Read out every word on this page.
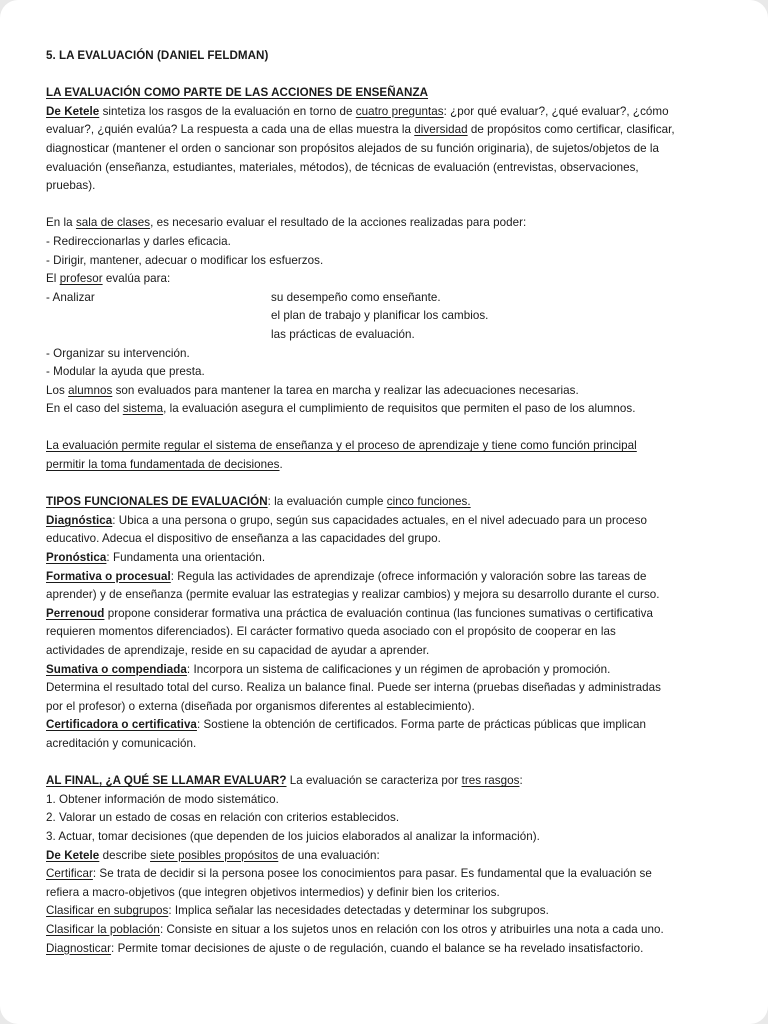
5. LA EVALUACIÓN (DANIEL FELDMAN)
LA EVALUACIÓN COMO PARTE DE LAS ACCIONES DE ENSEÑANZA
De Ketele sintetiza los rasgos de la evaluación en torno de cuatro preguntas: ¿por qué evaluar?, ¿qué evaluar?, ¿cómo
evaluar?, ¿quién evalúa? La respuesta a cada una de ellas muestra la diversidad de propósitos como certificar, clasificar,
diagnosticar (mantener el orden o sancionar son propósitos alejados de su función originaria), de sujetos/objetos de la
evaluación (enseñanza, estudiantes, materiales, métodos), de técnicas de evaluación (entrevistas, observaciones,
pruebas).
En la sala de clases, es necesario evaluar el resultado de la acciones realizadas para poder:
- Redireccionarlas y darles eficacia.
- Dirigir, mantener, adecuar o modificar los esfuerzos.
El profesor evalúa para:
- Analizar	su desempeño como enseñante.
el plan de trabajo y planificar los cambios.
las prácticas de evaluación.
- Organizar su intervención.
- Modular la ayuda que presta.
Los alumnos son evaluados para mantener la tarea en marcha y realizar las adecuaciones necesarias.
En el caso del sistema, la evaluación asegura el cumplimiento de requisitos que permiten el paso de los alumnos.
La evaluación permite regular el sistema de enseñanza y el proceso de aprendizaje y tiene como función principal
permitir la toma fundamentada de decisiones.
TIPOS FUNCIONALES DE EVALUACIÓN: la evaluación cumple cinco funciones.
Diagnóstica: Ubica a una persona o grupo, según sus capacidades actuales, en el nivel adecuado para un proceso
educativo. Adecua el dispositivo de enseñanza a las capacidades del grupo.
Pronóstica: Fundamenta una orientación.
Formativa o procesual: Regula las actividades de aprendizaje (ofrece información y valoración sobre las tareas de
aprender) y de enseñanza (permite evaluar las estrategias y realizar cambios) y mejora su desarrollo durante el curso.
Perrenoud propone considerar formativa una práctica de evaluación continua (las funciones sumativas o certificativa
requieren momentos diferenciados). El carácter formativo queda asociado con el propósito de cooperar en las
actividades de aprendizaje, reside en su capacidad de ayudar a aprender.
Sumativa o compendiada: Incorpora un sistema de calificaciones y un régimen de aprobación y promoción.
Determina el resultado total del curso. Realiza un balance final. Puede ser interna (pruebas diseñadas y administradas
por el profesor) o externa (diseñada por organismos diferentes al establecimiento).
Certificadora o certificativa: Sostiene la obtención de certificados. Forma parte de prácticas públicas que implican
acreditación y comunicación.
AL FINAL, ¿A QUÉ SE LLAMAR EVALUAR? La evaluación se caracteriza por tres rasgos:
1. Obtener información de modo sistemático.
2. Valorar un estado de cosas en relación con criterios establecidos.
3. Actuar, tomar decisiones (que dependen de los juicios elaborados al analizar la información).
De Ketele describe siete posibles propósitos de una evaluación:
Certificar: Se trata de decidir si la persona posee los conocimientos para pasar. Es fundamental que la evaluación se
refiera a macro-objetivos (que integren objetivos intermedios) y definir bien los criterios.
Clasificar en subgrupos: Implica señalar las necesidades detectadas y determinar los subgrupos.
Clasificar la población: Consiste en situar a los sujetos unos en relación con los otros y atribuirles una nota a cada uno.
Diagnosticar: Permite tomar decisiones de ajuste o de regulación, cuando el balance se ha revelado insatisfactorio.
